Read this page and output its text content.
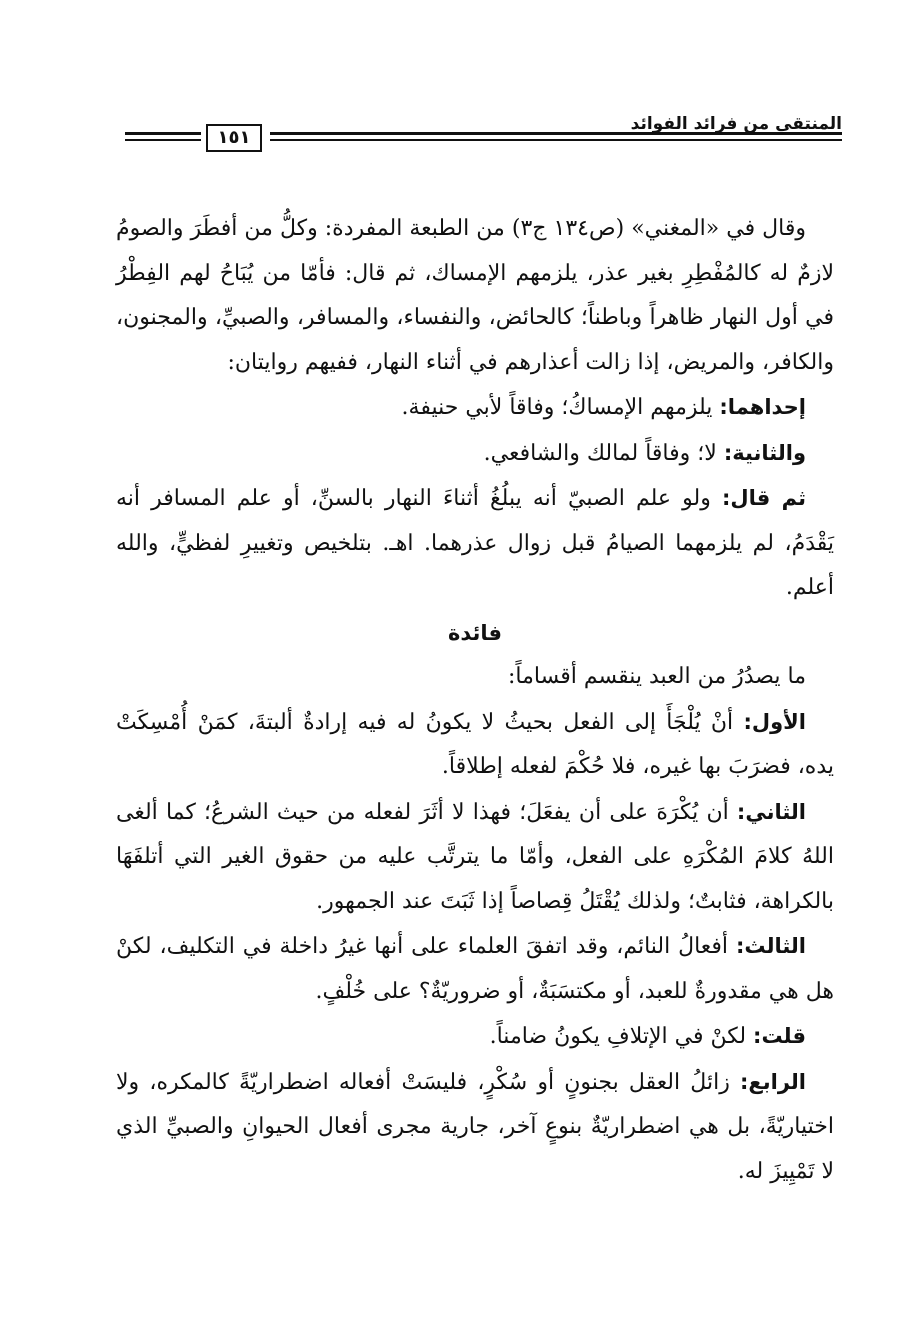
١٥١
المنتقى من فرائد الفوائد

وقال في «المغني» (ص١٣٤ ج٣) من الطبعة المفردة: وكلُّ من أفطَرَ والصومُ لازمٌ له كالمُفْطِرِ بغير عذر، يلزمهم الإمساك، ثم قال: فأمّا من يُبَاحُ لهم الفِطْرُ في أول النهار ظاهراً وباطناً؛ كالحائض، والنفساء، والمسافر، والصبيِّ، والمجنون، والكافر، والمريض، إذا زالت أعذارهم في أثناء النهار، ففيهم روايتان:

إحداهما: يلزمهم الإمساكُ؛ وفاقاً لأبي حنيفة.

والثانية: لا؛ وفاقاً لمالك والشافعي.

ثم قال: ولو علم الصبيّ أنه يبلُغُ أثناءَ النهار بالسنِّ، أو علم المسافر أنه يَقْدَمُ، لم يلزمهما الصيامُ قبل زوال عذرهما. اهـ. بتلخيص وتغييرِ لفظيٍّ، والله أعلم.

فائدة

ما يصدُرُ من العبد ينقسم أقساماً:

الأول: أنْ يُلْجَأَ إلى الفعل بحيثُ لا يكونُ له فيه إرادةٌ ألبتةَ، كمَنْ أُمْسِكَتْ يده، فضرَبَ بها غيره، فلا حُكْمَ لفعله إطلاقاً.

الثاني: أن يُكْرَهَ على أن يفعَلَ؛ فهذا لا أثَرَ لفعله من حيث الشرعُ؛ كما ألغى اللهُ كلامَ المُكْرَهِ على الفعل، وأمّا ما يترتَّب عليه من حقوق الغير التي أتلفَهَا بالكراهة، فثابتٌ؛ ولذلك يُقْتَلُ قِصاصاً إذا ثَبَتَ عند الجمهور.

الثالث: أفعالُ النائم، وقد اتفقَ العلماء على أنها غيرُ داخلة في التكليف، لكنْ هل هي مقدورةٌ للعبد، أو مكتسَبَةٌ، أو ضروريّةٌ؟ على خُلْفٍ.

قلت: لكنْ في الإتلافِ يكونُ ضامناً.

الرابع: زائلُ العقل بجنونٍ أو سُكْرٍ، فليسَتْ أفعاله اضطراريّةً كالمكره، ولا اختياريّةً، بل هي اضطراريّةٌ بنوعٍ آخر، جارية مجرى أفعال الحيوانِ والصبيِّ الذي لا تَمْيِيزَ له.
